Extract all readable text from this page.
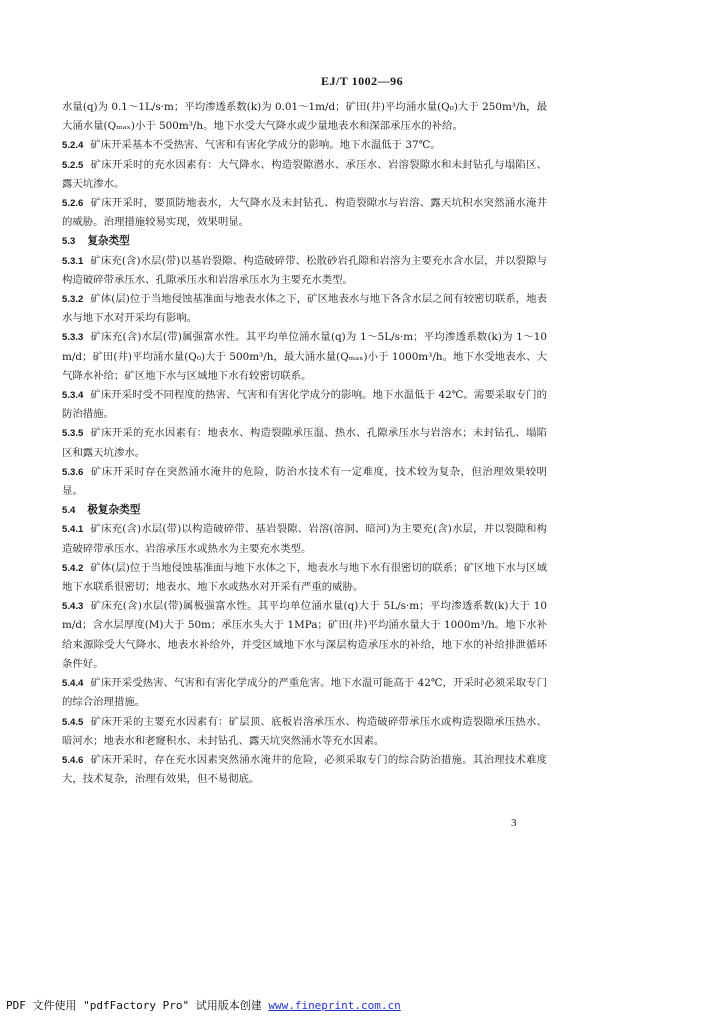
EJ/T 1002—96

水量(q)为 0.1～1L/s·m；平均渗透系数(k)为 0.01～1m/d；矿田(井)平均涌水量(Q₀)大于 250m³/h，最大涌水量(Qₘₐₓ)小于 500m³/h。地下水受大气降水或少量地表水和深部承压水的补给。

5.2.4 矿床开采基本不受热害、气害和有害化学成分的影响。地下水温低于 37℃。

5.2.5 矿床开采时的充水因素有：大气降水、构造裂隙潜水、承压水、岩溶裂隙水和未封钻孔与塌陷区、露天坑渗水。

5.2.6 矿床开采时，要顶防地表水，大气降水及未封钻孔、构造裂隙水与岩溶、露天坑积水突然涌水淹井的威胁。治理措施较易实现，效果明显。

5.3 复杂类型

5.3.1 矿床充(含)水层(带)以基岩裂隙、构造破碎带、松散砂岩孔隙和岩溶为主要充水含水层，并以裂隙与构造破碎带承压水、孔隙承压水和岩溶承压水为主要充水类型。

5.3.2 矿体(层)位于当地侵蚀基准面与地表水体之下，矿区地表水与地下各含水层之间有较密切联系，地表水与地下水对开采均有影响。

5.3.3 矿床充(含)水层(带)属强富水性。其平均单位涌水量(q)为 1～5L/s·m；平均渗透系数(k)为 1～10m/d；矿田(井)平均涌水量(Q₀)大于 500m³/h，最大涌水量(Qₘₐₓ)小于 1000m³/h。地下水受地表水、大气降水补给；矿区地下水与区域地下水有较密切联系。

5.3.4 矿床开采时受不同程度的热害、气害和有害化学成分的影响。地下水温低于 42℃。需要采取专门的防治措施。

5.3.5 矿床开采的充水因素有：地表水、构造裂隙承压温、热水、孔隙承压水与岩溶水；未封钻孔、塌陷区和露天坑渗水。

5.3.6 矿床开采时存在突然涌水淹井的危险，防治水技术有一定难度，技术较为复杂，但治理效果较明显。

5.4 极复杂类型

5.4.1 矿床充(含)水层(带)以构造破碎带、基岩裂隙、岩溶(溶洞、暗河)为主要充(含)水层，并以裂隙和构造破碎带承压水、岩溶承压水或热水为主要充水类型。

5.4.2 矿体(层)位于当地侵蚀基准面与地下水体之下，地表水与地下水有很密切的联系；矿区地下水与区域地下水联系很密切；地表水、地下水或热水对开采有严重的威胁。

5.4.3 矿床充(含)水层(带)属极强富水性。其平均单位涌水量(q)大于 5L/s·m；平均渗透系数(k)大于 10m/d；含水层厚度(M)大于 50m；承压水头大于 1MPa；矿田(井)平均涌水量大于 1000m³/h。地下水补给来源除受大气降水、地表水补给外，并受区域地下水与深层构造承压水的补给，地下水的补给排泄循环条件好。

5.4.4 矿床开采受热害、气害和有害化学成分的严重危害。地下水温可能高于 42℃，开采时必须采取专门的综合治理措施。

5.4.5 矿床开采的主要充水因素有：矿层顶、底板岩溶承压水、构造破碎带承压水或构造裂隙承压热水、暗河水；地表水和老窿积水、未封钻孔、露天坑突然涌水等充水因素。

5.4.6 矿床开采时，存在充水因素突然涌水淹井的危险，必须采取专门的综合防治措施。其治理技术难度大，技术复杂，治理有效果，但不易彻底。

3
PDF 文件使用 "pdfFactory Pro" 试用版本创建 www.fineprint.com.cn
